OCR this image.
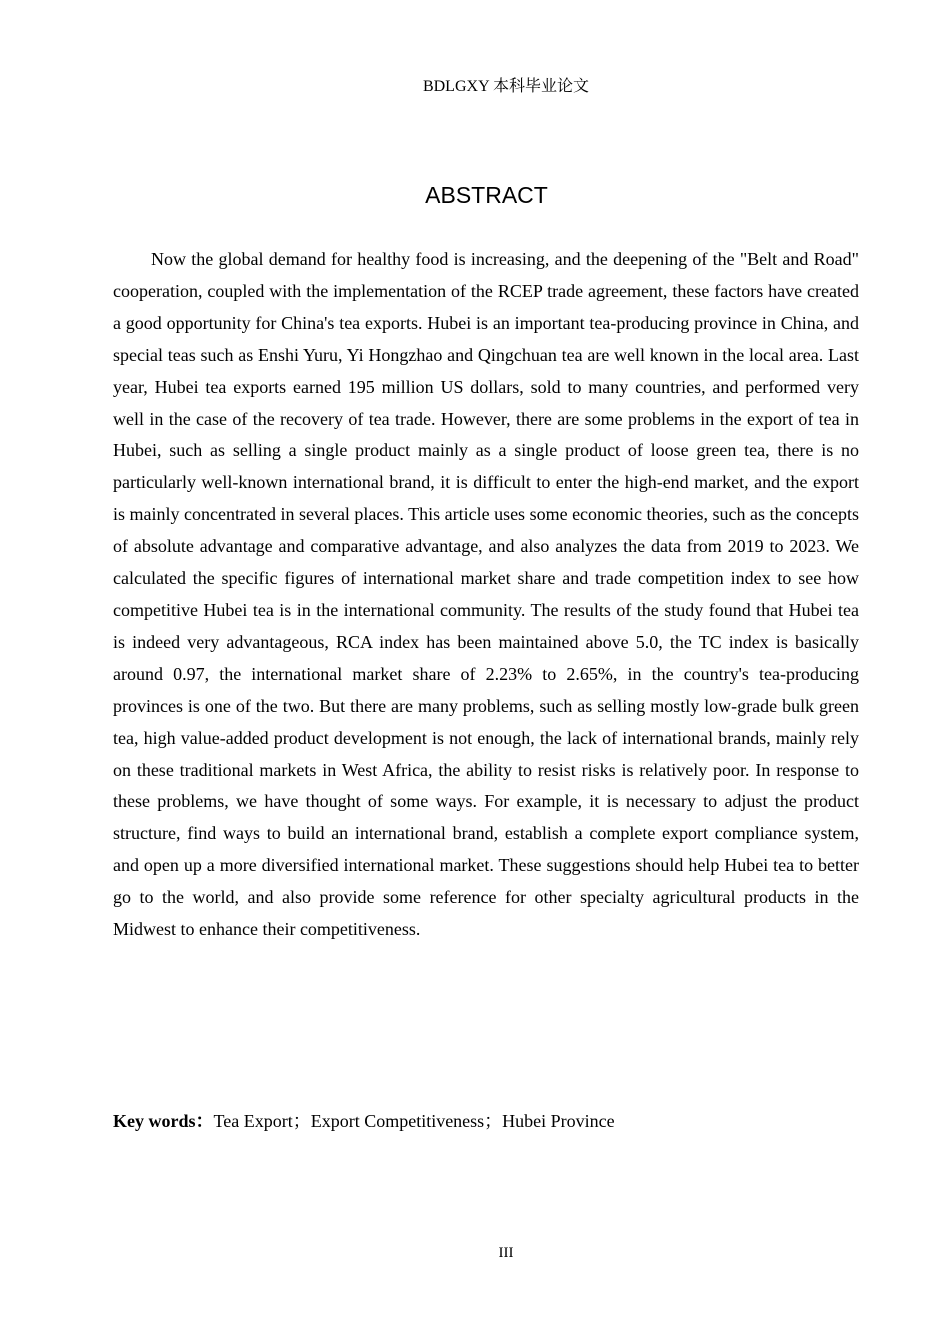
BDLGXY 本科毕业论文
ABSTRACT

Now the global demand for healthy food is increasing, and the deepening of the "Belt and Road" cooperation, coupled with the implementation of the RCEP trade agreement, these factors have created a good opportunity for China's tea exports. Hubei is an important tea-producing province in China, and special teas such as Enshi Yuru, Yi Hongzhao and Qingchuan tea are well known in the local area. Last year, Hubei tea exports earned 195 million US dollars, sold to many countries, and performed very well in the case of the recovery of tea trade. However, there are some problems in the export of tea in Hubei, such as selling a single product mainly as a single product of loose green tea, there is no particularly well-known international brand, it is difficult to enter the high-end market, and the export is mainly concentrated in several places. This article uses some economic theories, such as the concepts of absolute advantage and comparative advantage, and also analyzes the data from 2019 to 2023. We calculated the specific figures of international market share and trade competition index to see how competitive Hubei tea is in the international community. The results of the study found that Hubei tea is indeed very advantageous, RCA index has been maintained above 5.0, the TC index is basically around 0.97, the international market share of 2.23% to 2.65%, in the country's tea-producing provinces is one of the two. But there are many problems, such as selling mostly low-grade bulk green tea, high value-added product development is not enough, the lack of international brands, mainly rely on these traditional markets in West Africa, the ability to resist risks is relatively poor. In response to these problems, we have thought of some ways. For example, it is necessary to adjust the product structure, find ways to build an international brand, establish a complete export compliance system, and open up a more diversified international market. These suggestions should help Hubei tea to better go to the world, and also provide some reference for other specialty agricultural products in the Midwest to enhance their competitiveness.

Key words：Tea Export；Export Competitiveness；Hubei Province
III
